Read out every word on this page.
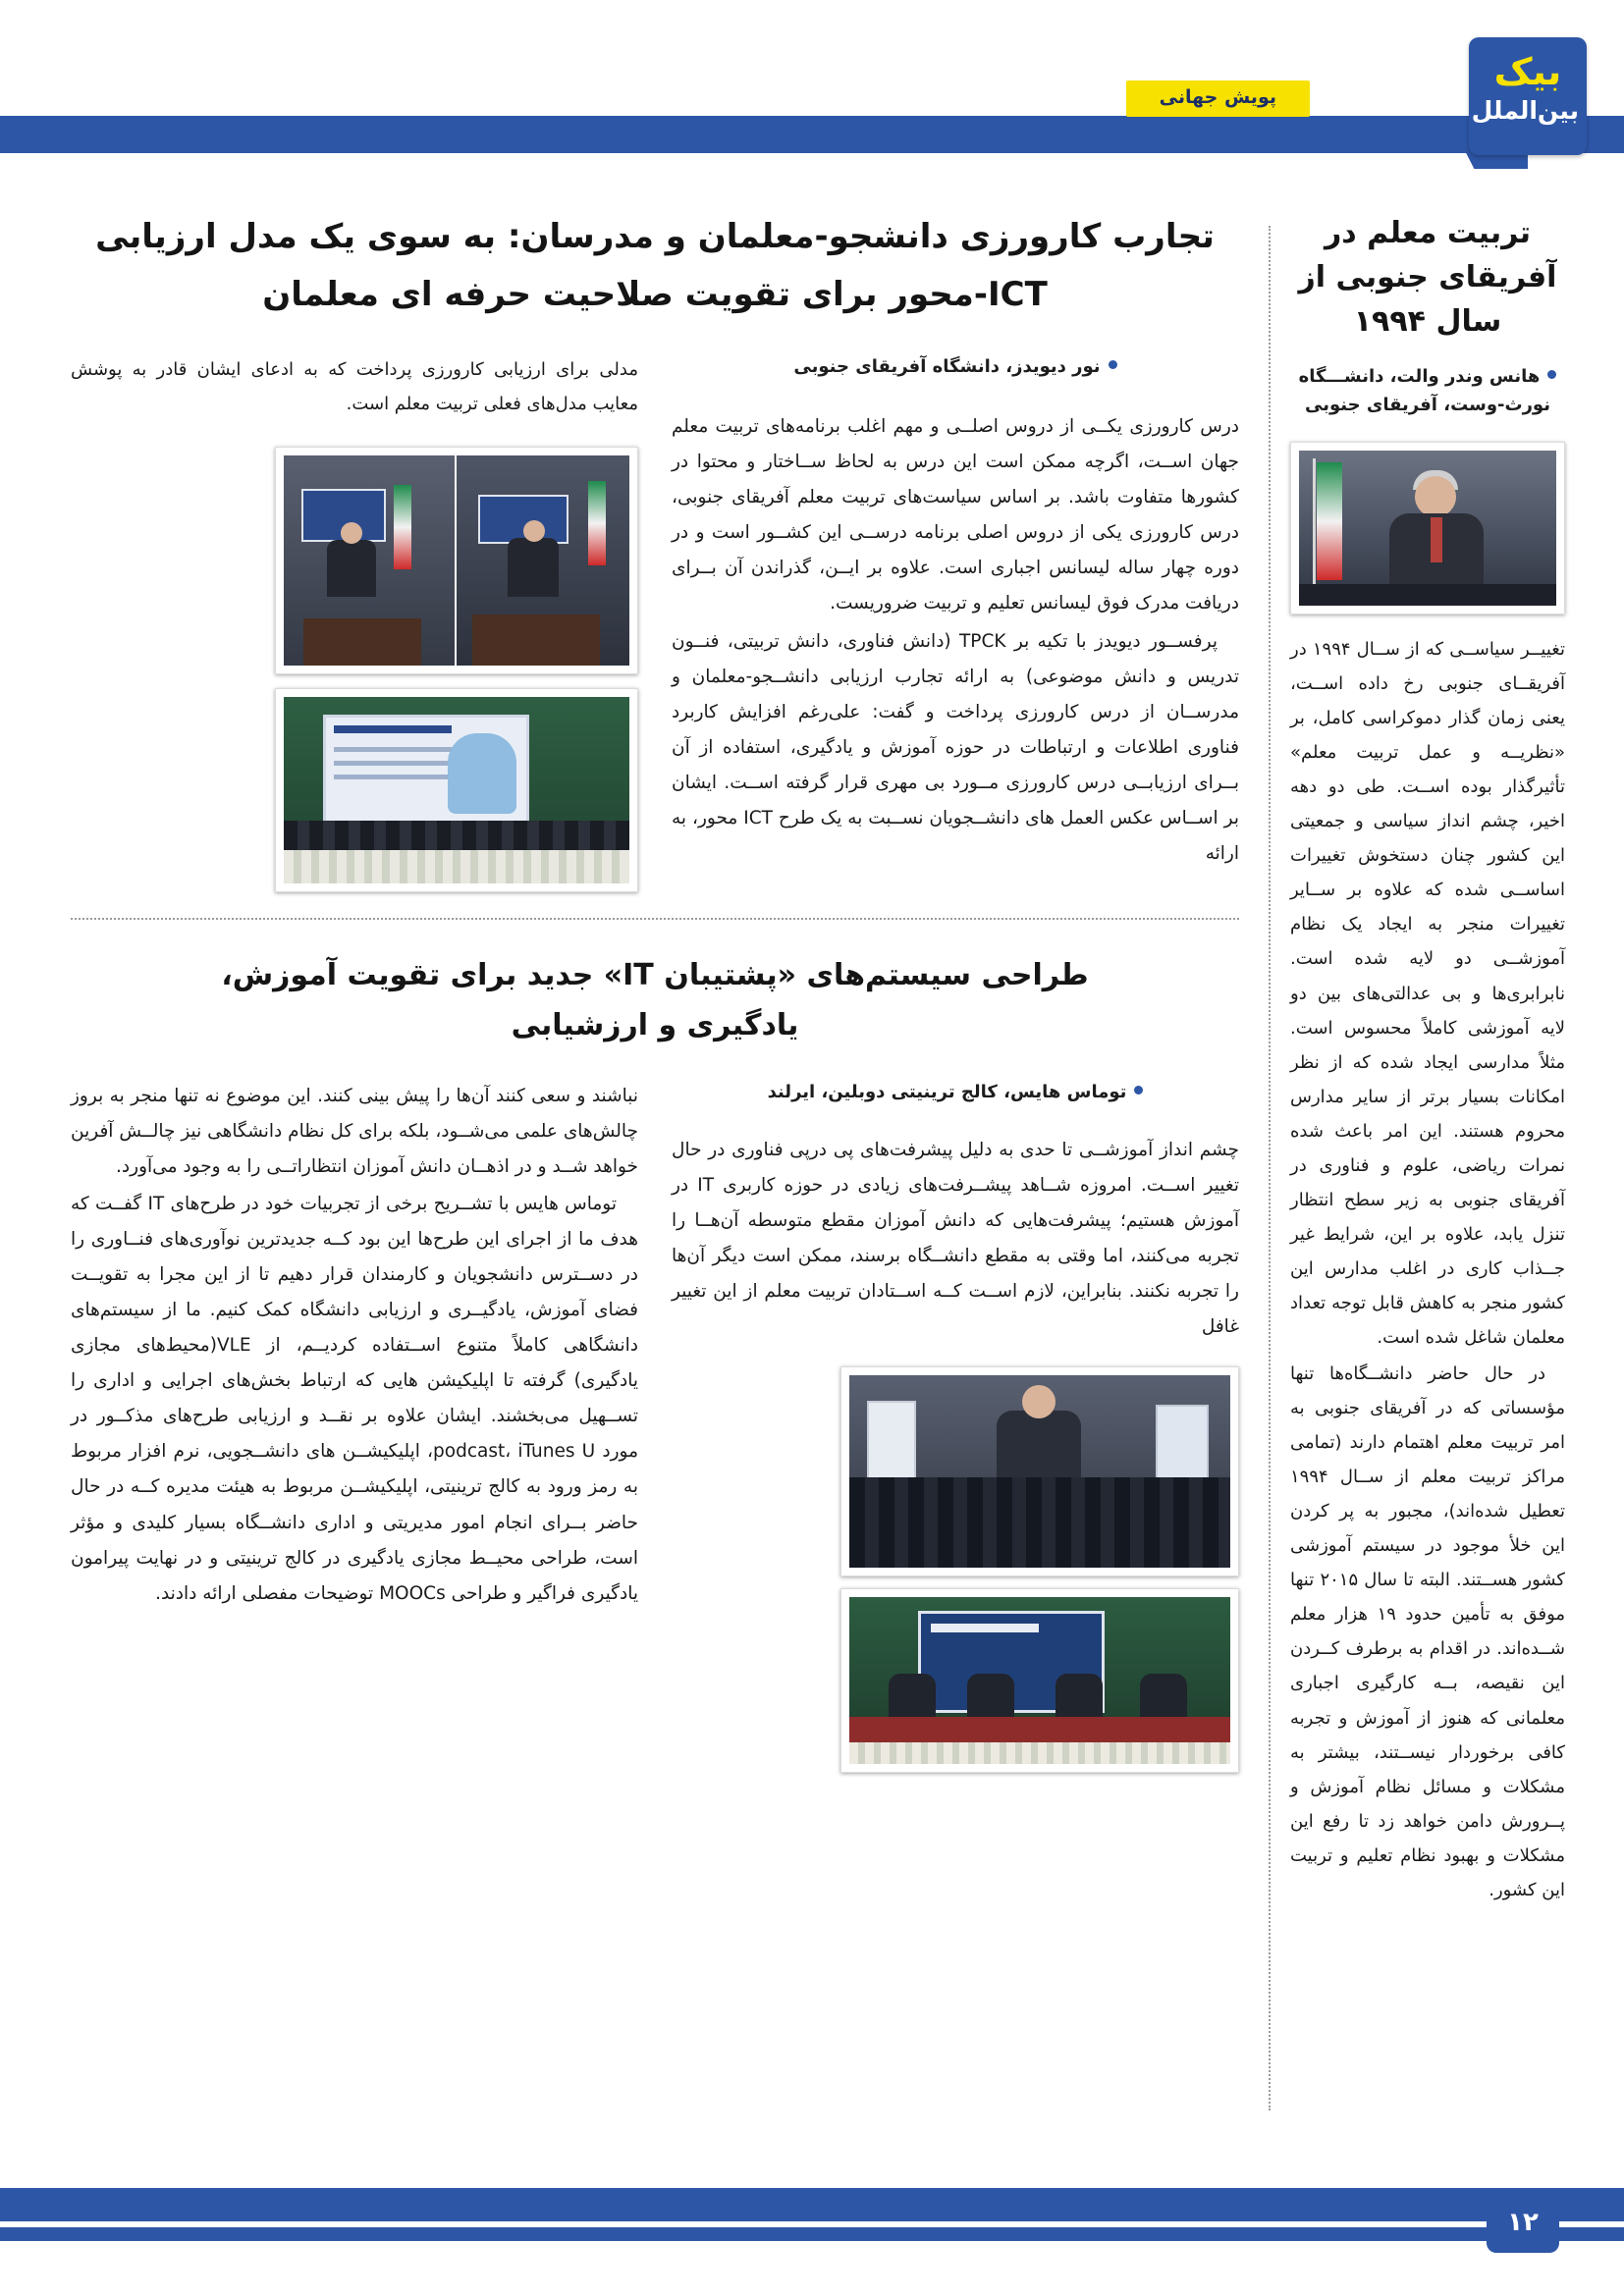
بیک
بین‌الملل
پویش جهانی
تربیت معلم در آفریقای جنوبی از سال ۱۹۹۴
هانس وندر والت، دانشـــگاه نورث-وست، آفریقای جنوبی

تغییــر سیاســی که از ســال ۱۹۹۴ در آفریقــای جنوبی رخ داده اســت، یعنی زمان گذار دموکراسی کامل، بر «نظریــه و عمل تربیت معلم» تأثیرگذار بوده اســت. طی دو دهه اخیر، چشم انداز سیاسی و جمعیتی این کشور چنان دستخوش تغییرات اساســی شده که علاوه بر ســایر تغییرات منجر به ایجاد یک نظام آموزشــی دو لایه شده است. نابرابری‌ها و بی عدالتی‌های بین دو لایه آموزشی کاملاً محسوس است. مثلاً مدارسی ایجاد شده که از نظر امکانات بسیار برتر از سایر مدارس محروم هستند. این امر باعث شده نمرات ریاضی، علوم و فناوری در آفریقای جنوبی به زیر سطح انتظار تنزل یابد، علاوه بر این، شرایط غیر جــذاب کاری در اغلب مدارس این کشور منجر به کاهش قابل توجه تعداد معلمان شاغل شده است.

در حال حاضر دانشــگاه‌ها تنها مؤسساتی که در آفریقای جنوبی به امر تربیت معلم اهتمام دارند (تمامی مراکز تربیت معلم از ســال ۱۹۹۴ تعطیل شده‌اند)، مجبور به پر کردن این خلأ موجود در سیستم آموزشی کشور هســتند. البته تا سال ۲۰۱۵ تنها موفق به تأمین حدود ۱۹ هزار معلم شــده‌اند. در اقدام به برطرف کــردن این نقیصه، بــه کارگیری اجباری معلمانی که هنوز از آموزش و تجربه کافی برخوردار نیســتند، بیشتر به مشکلات و مسائل نظام آموزش و پــرورش دامن خواهد زد تا رفع این مشکلات و بهبود نظام تعلیم و تربیت این کشور.

تجارب کارورزی دانشجو-معلمان و مدرسان: به سوی یک مدل ارزیابی
ICT-محور برای تقویت صلاحیت حرفه ای معلمان
نور دیویدز، دانشگاه آفریقای جنوبی

درس کارورزی یکــی از دروس اصلــی و مهم اغلب برنامه‌های تربیت معلم جهان اســت، اگرچه ممکن است این درس به لحاظ ســاختار و محتوا در کشورها متفاوت باشد. بر اساس سیاست‌های تربیت معلم آفریقای جنوبی، درس کارورزی یکی از دروس اصلی برنامه درســی این کشــور است و در دوره چهار ساله لیسانس اجباری است. علاوه بر ایــن، گذراندن آن بــرای دریافت مدرک فوق لیسانس تعلیم و تربیت ضروریست.

پرفســور دیویدز با تکیه بر TPCK (دانش فناوری، دانش تربیتی، فنــون تدریس و دانش موضوعی) به ارائه تجارب ارزیابی دانشــجو-معلمان و مدرســان از درس کارورزی پرداخت و گفت: علی‌رغم افزایش کاربرد فناوری اطلاعات و ارتباطات در حوزه آموزش و یادگیری، استفاده از آن بــرای ارزیابــی درس کارورزی مــورد بی مهری قرار گرفته اســت. ایشان بر اســاس عکس العمل های دانشــجویان نســبت به یک طرح ICT محور، به ارائه

مدلی برای ارزیابی کارورزی پرداخت که به ادعای ایشان قادر به پوشش معایب مدل‌های فعلی تربیت معلم است.
طراحی سیستم‌های «پشتیبان IT» جدید برای تقویت آموزش،
یادگیری و ارزشیابی
توماس هایس، کالج ترینیتی دوبلین، ایرلند

چشم انداز آموزشــی تا حدی به دلیل پیشرفت‌های پی درپی فناوری در حال تغییر اســت. امروزه شــاهد پیشــرفت‌های زیادی در حوزه کاربری IT در آموزش هستیم؛ پیشرفت‌هایی که دانش آموزان مقطع متوسطه آن‌هــا را تجربه می‌کنند، اما وقتی به مقطع دانشــگاه برسند، ممکن است دیگر آن‌ها را تجربه نکنند. بنابراین، لازم اســت کــه اســتادان تربیت معلم از این تغییر غافل

نباشند و سعی کنند آن‌ها را پیش بینی کنند. این موضوع نه تنها منجر به بروز چالش‌های علمی می‌شــود، بلکه برای کل نظام دانشگاهی نیز چالــش آفرین خواهد شــد و در اذهــان دانش آموزان انتظاراتــی را به وجود می‌آورد.

توماس هایس با تشــریح برخی از تجربیات خود در طرح‌های IT گفــت که هدف ما از اجرای این طرح‌ها این بود کــه جدیدترین نوآوری‌های فنــاوری را در دســترس دانشجویان و کارمندان قرار دهیم تا از این مجرا به تقویــت فضای آموزش، یادگیــری و ارزیابی دانشگاه کمک کنیم. ما از سیستم‌های دانشگاهی کاملاً متنوع اســتفاده کردیــم، از VLE(محیط‌های مجازی یادگیری) گرفته تا اپلیکیشن هایی که ارتباط بخش‌های اجرایی و اداری را تســهیل می‌بخشند. ایشان علاوه بر نقــد و ارزیابی طرح‌های مذکــور در مورد podcast، iTunes U، اپلیکیشــن های دانشــجویی، نرم افزار مربوط به رمز ورود به کالج ترینیتی، اپلیکیشــن مربوط به هیئت مدیره کــه در حال حاضر بــرای انجام امور مدیریتی و اداری دانشــگاه بسیار کلیدی و مؤثر است، طراحی محیــط مجازی یادگیری در کالج ترینیتی و در نهایت پیرامون یادگیری فراگیر و طراحی MOOCs توضیحات مفصلی ارائه دادند.

۱۲
